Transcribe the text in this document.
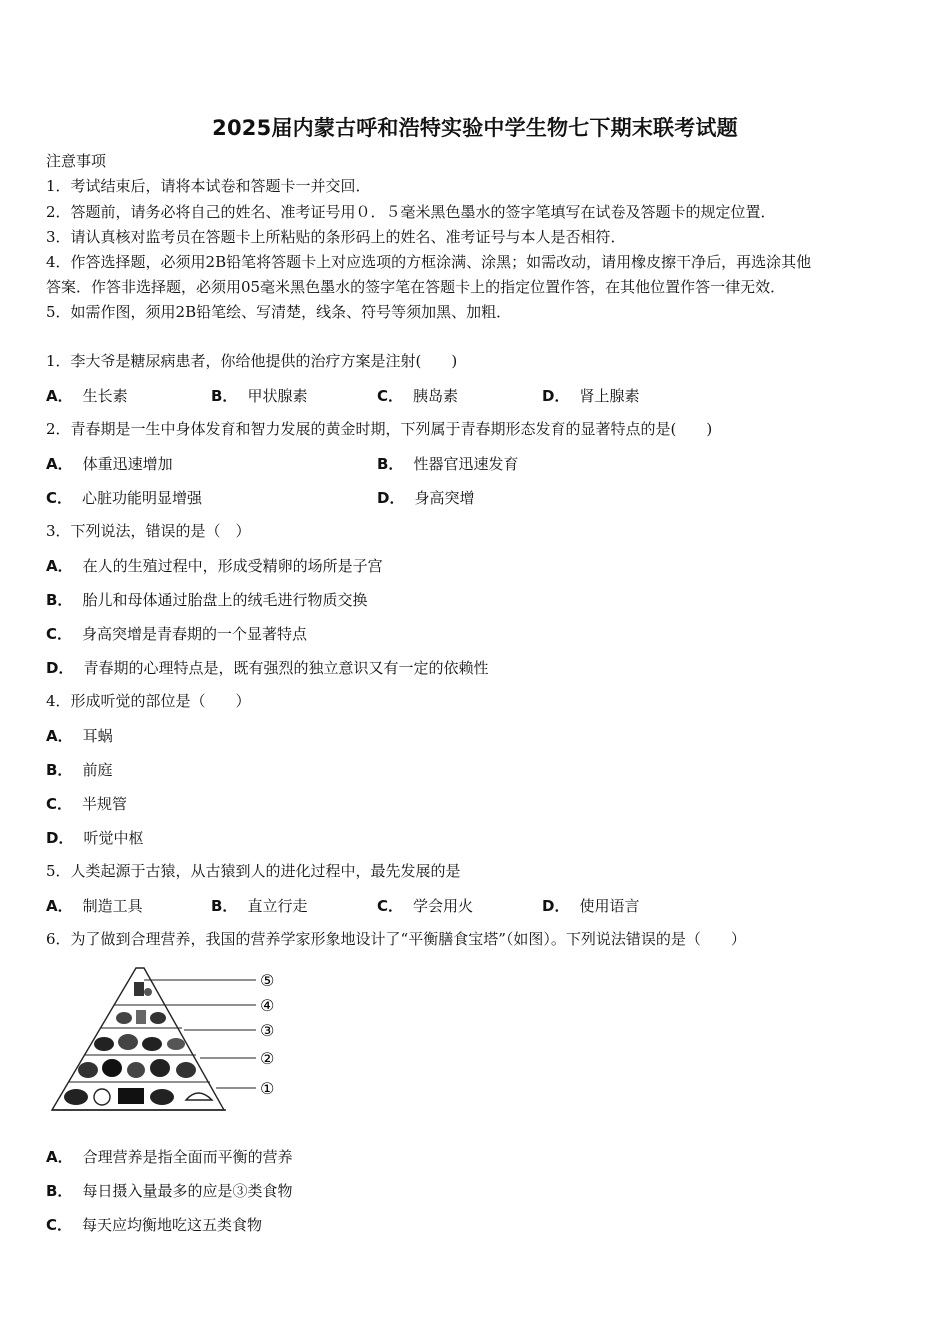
2025届内蒙古呼和浩特实验中学生物七下期末联考试题
注意事项
1．考试结束后，请将本试卷和答题卡一并交回．
2．答题前，请务必将自己的姓名、准考证号用０．５毫米黑色墨水的签字笔填写在试卷及答题卡的规定位置．
3．请认真核对监考员在答题卡上所粘贴的条形码上的姓名、准考证号与本人是否相符．
4．作答选择题，必须用2B铅笔将答题卡上对应选项的方框涂满、涂黑；如需改动，请用橡皮擦干净后，再选涂其他
答案．作答非选择题，必须用05毫米黑色墨水的签字笔在答题卡上的指定位置作答，在其他位置作答一律无效．
5．如需作图，须用2B铅笔绘、写清楚，线条、符号等须加黑、加粗．
1．李大爷是糖尿病患者，你给他提供的治疗方案是注射(　　)
A． 生长素	B． 甲状腺素	C． 胰岛素	D． 肾上腺素
2．青春期是一生中身体发育和智力发展的黄金时期，下列属于青春期形态发育的显著特点的是(　　)
A． 体重迅速增加	B． 性器官迅速发育
C． 心脏功能明显增强	D． 身高突增
3．下列说法，错误的是（　）
A． 在人的生殖过程中，形成受精卵的场所是子宫
B． 胎儿和母体通过胎盘上的绒毛进行物质交换
C． 身高突增是青春期的一个显著特点
D． 青春期的心理特点是，既有强烈的独立意识又有一定的依赖性
4．形成听觉的部位是（　　）
A． 耳蜗
B． 前庭
C． 半规管
D． 听觉中枢
5．人类起源于古猿，从古猿到人的进化过程中，最先发展的是
A． 制造工具	B． 直立行走	C． 学会用火	D． 使用语言
6．为了做到合理营养，我国的营养学家形象地设计了“平衡膳食宝塔”（如图）。下列说法错误的是（　　）
⑤
④
③
②
①
A． 合理营养是指全面而平衡的营养
B． 每日摄入量最多的应是③类食物
C． 每天应均衡地吃这五类食物
